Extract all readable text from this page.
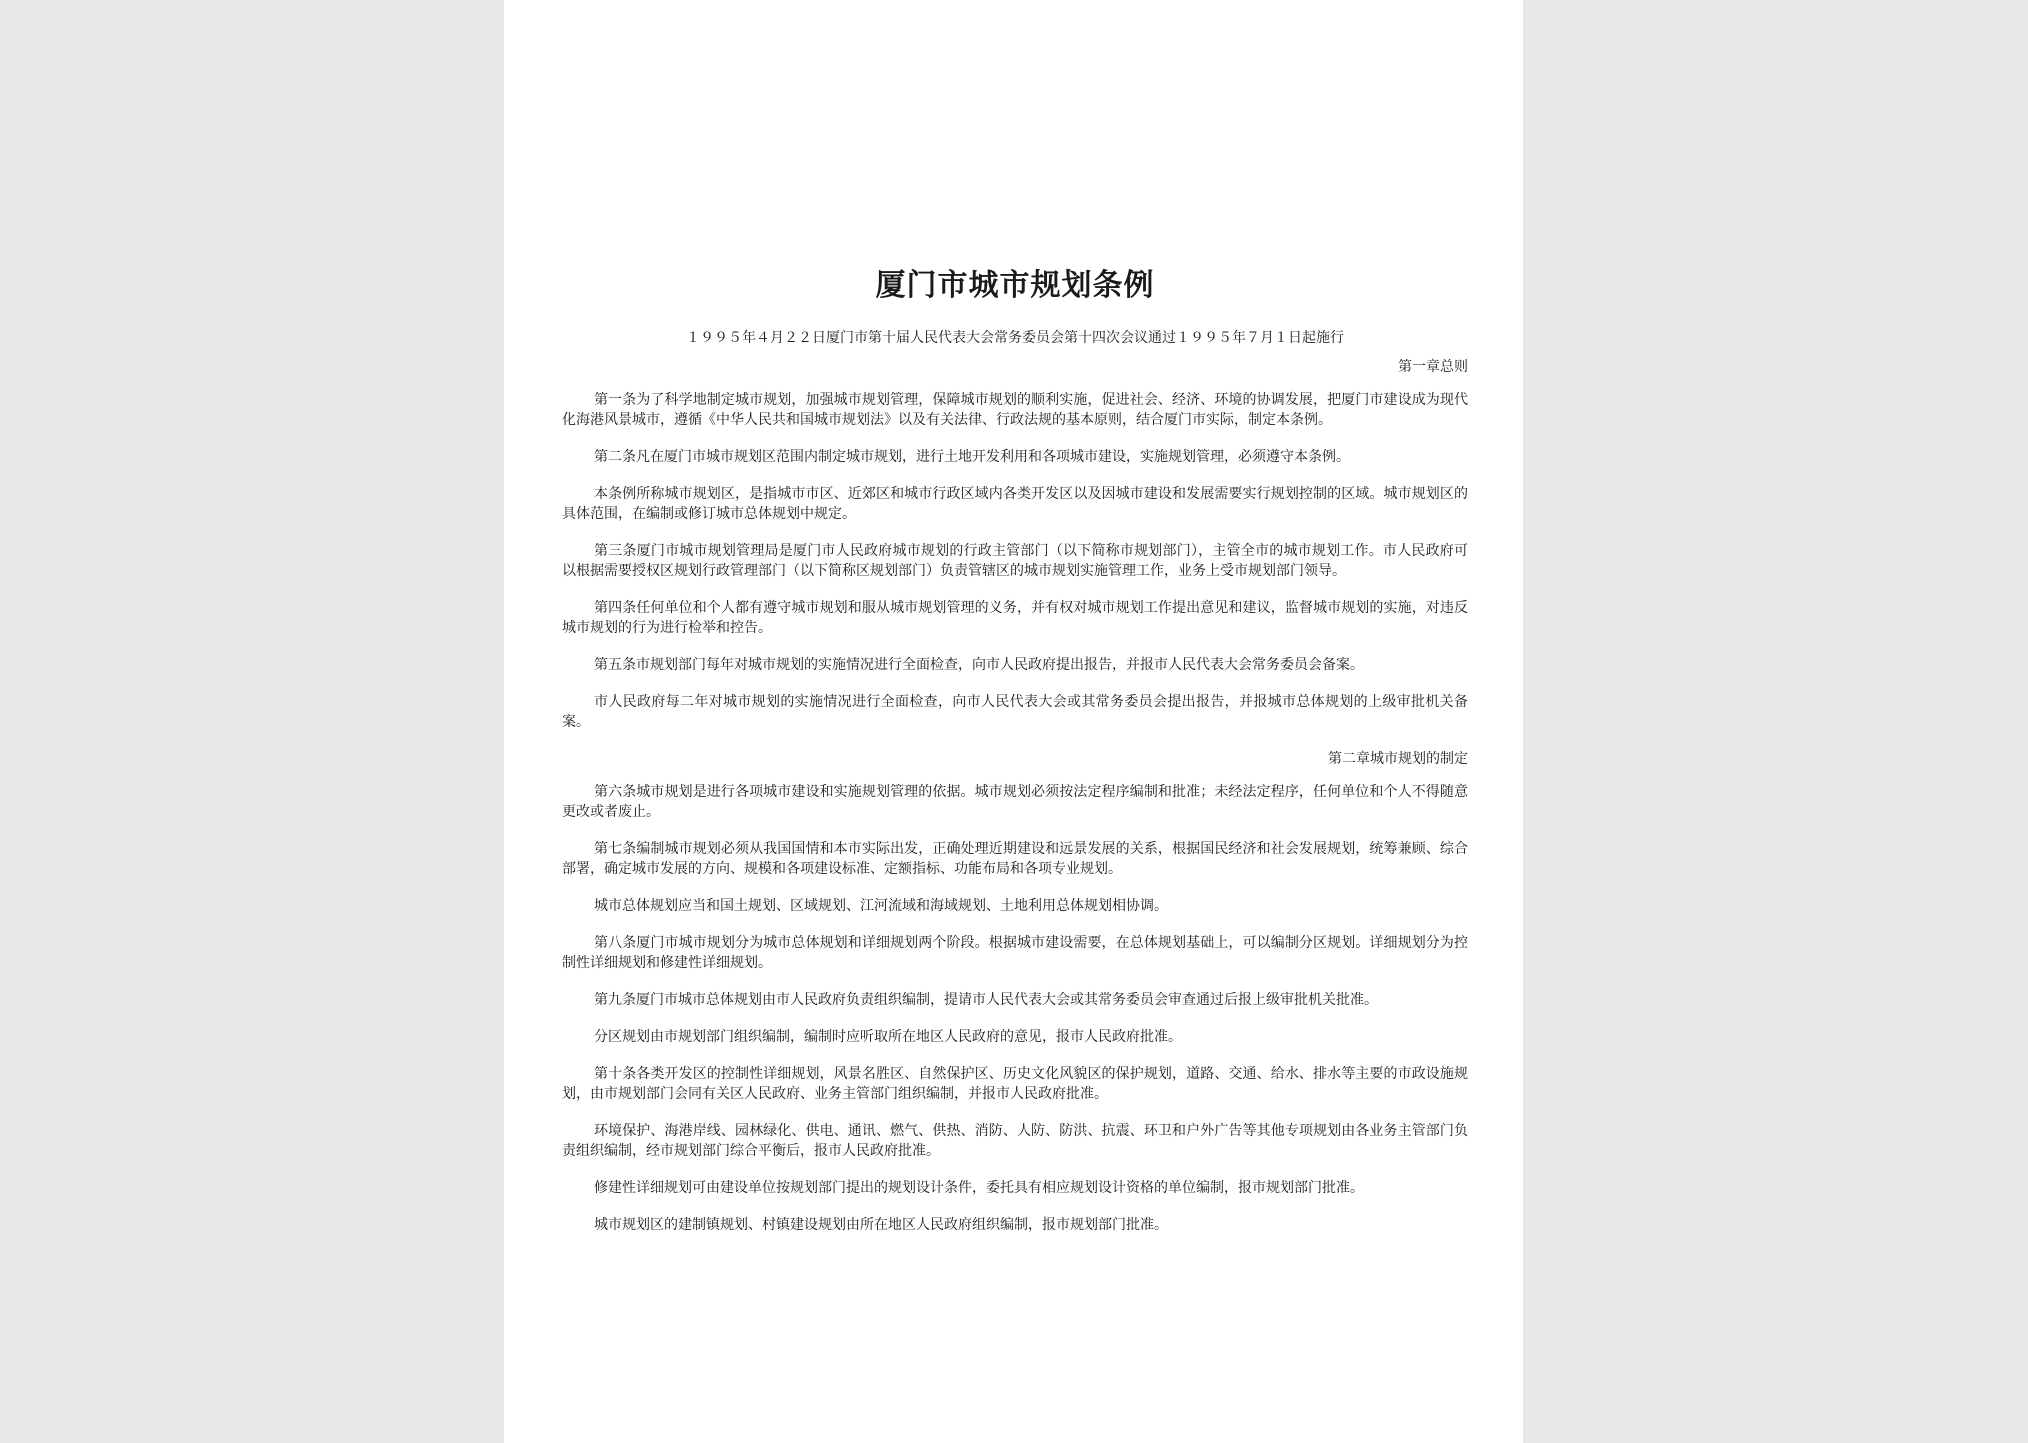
厦门市城市规划条例
１９９５年４月２２日厦门市第十届人民代表大会常务委员会第十四次会议通过１９９５年７月１日起施行
第一章总则

第一条为了科学地制定城市规划，加强城市规划管理，保障城市规划的顺利实施，促进社会、经济、环境的协调发展，把厦门市建设成为现代化海港风景城市，遵循《中华人民共和国城市规划法》以及有关法律、行政法规的基本原则，结合厦门市实际，制定本条例。

第二条凡在厦门市城市规划区范围内制定城市规划，进行土地开发利用和各项城市建设，实施规划管理，必须遵守本条例。

本条例所称城市规划区，是指城市市区、近郊区和城市行政区域内各类开发区以及因城市建设和发展需要实行规划控制的区域。城市规划区的具体范围，在编制或修订城市总体规划中规定。

第三条厦门市城市规划管理局是厦门市人民政府城市规划的行政主管部门（以下简称市规划部门），主管全市的城市规划工作。市人民政府可以根据需要授权区规划行政管理部门（以下简称区规划部门）负责管辖区的城市规划实施管理工作，业务上受市规划部门领导。

第四条任何单位和个人都有遵守城市规划和服从城市规划管理的义务，并有权对城市规划工作提出意见和建议，监督城市规划的实施，对违反城市规划的行为进行检举和控告。

第五条市规划部门每年对城市规划的实施情况进行全面检查，向市人民政府提出报告，并报市人民代表大会常务委员会备案。

市人民政府每二年对城市规划的实施情况进行全面检查，向市人民代表大会或其常务委员会提出报告，并报城市总体规划的上级审批机关备案。

第二章城市规划的制定

第六条城市规划是进行各项城市建设和实施规划管理的依据。城市规划必须按法定程序编制和批准；未经法定程序，任何单位和个人不得随意更改或者废止。

第七条编制城市规划必须从我国国情和本市实际出发，正确处理近期建设和远景发展的关系，根据国民经济和社会发展规划，统筹兼顾、综合部署，确定城市发展的方向、规模和各项建设标准、定额指标、功能布局和各项专业规划。

城市总体规划应当和国土规划、区域规划、江河流域和海域规划、土地利用总体规划相协调。

第八条厦门市城市规划分为城市总体规划和详细规划两个阶段。根据城市建设需要，在总体规划基础上，可以编制分区规划。详细规划分为控制性详细规划和修建性详细规划。

第九条厦门市城市总体规划由市人民政府负责组织编制，提请市人民代表大会或其常务委员会审查通过后报上级审批机关批准。

分区规划由市规划部门组织编制，编制时应听取所在地区人民政府的意见，报市人民政府批准。

第十条各类开发区的控制性详细规划，风景名胜区、自然保护区、历史文化风貌区的保护规划，道路、交通、给水、排水等主要的市政设施规划，由市规划部门会同有关区人民政府、业务主管部门组织编制，并报市人民政府批准。

环境保护、海港岸线、园林绿化、供电、通讯、燃气、供热、消防、人防、防洪、抗震、环卫和户外广告等其他专项规划由各业务主管部门负责组织编制，经市规划部门综合平衡后，报市人民政府批准。

修建性详细规划可由建设单位按规划部门提出的规划设计条件，委托具有相应规划设计资格的单位编制，报市规划部门批准。

城市规划区的建制镇规划、村镇建设规划由所在地区人民政府组织编制，报市规划部门批准。
